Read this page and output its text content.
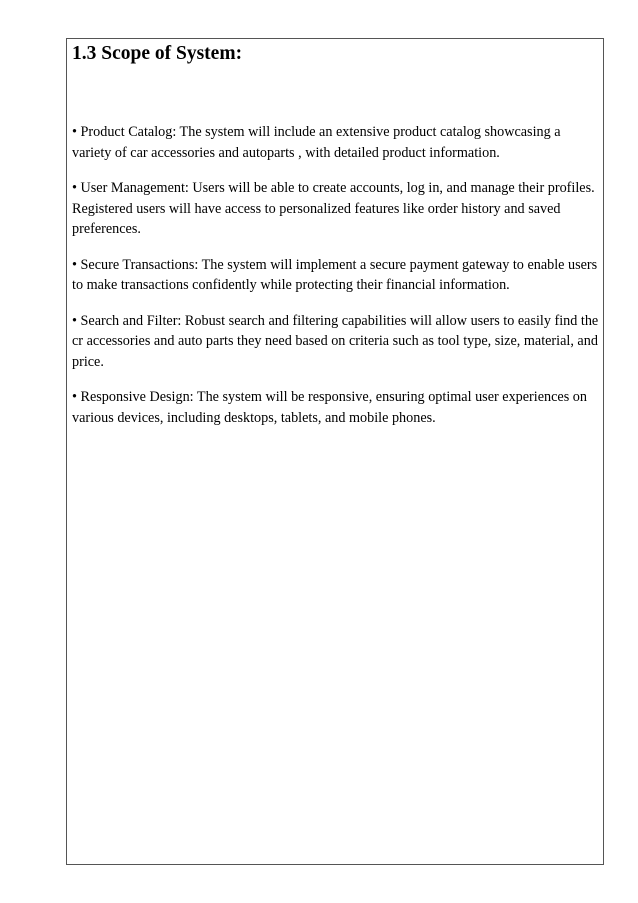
1.3 Scope of System:
• Product Catalog: The system will include an extensive product catalog showcasing a variety of car accessories and autoparts , with detailed product information.
• User Management: Users will be able to create accounts, log in, and manage their profiles. Registered users will have access to personalized features like order history and saved preferences.
• Secure Transactions: The system will implement a secure payment gateway to enable users to make transactions confidently while protecting their financial information.
• Search and Filter: Robust search and filtering capabilities will allow users to easily find the cr accessories and auto parts they need based on criteria such as tool type, size, material, and price.
• Responsive Design: The system will be responsive, ensuring optimal user experiences on various devices, including desktops, tablets, and mobile phones.
